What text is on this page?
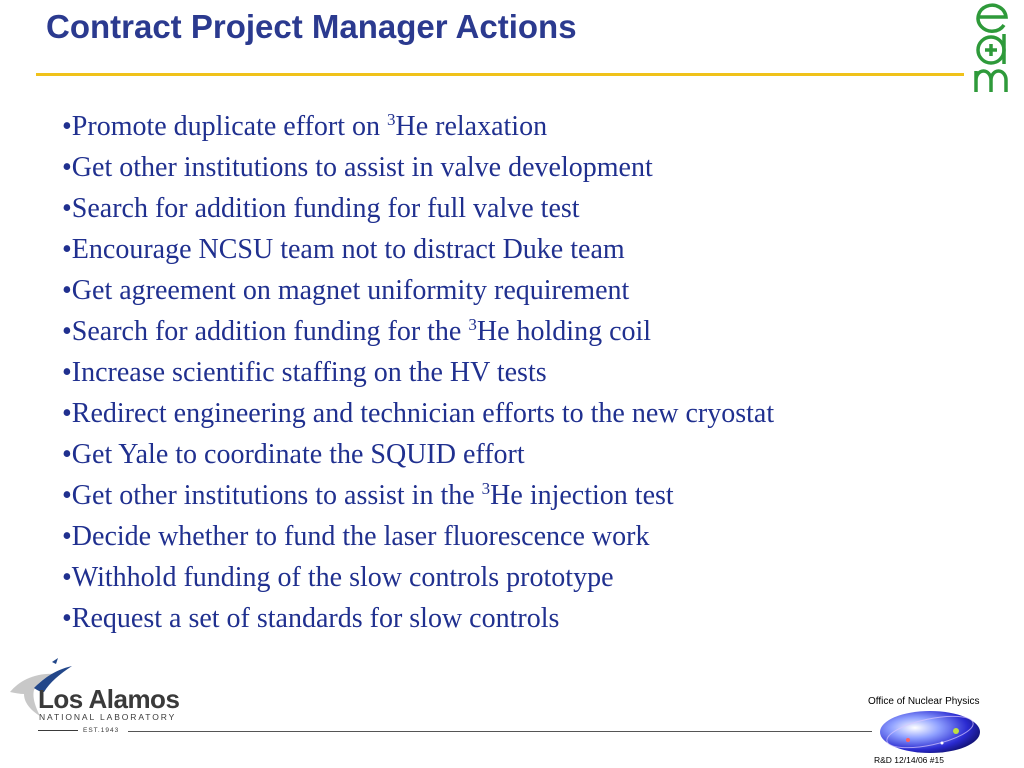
Contract Project Manager Actions
•Promote duplicate effort on $^3$He relaxation
•Get other institutions to assist in valve development
•Search for addition funding for full valve test
•Encourage NCSU team not to distract Duke team
•Get agreement on magnet uniformity requirement
•Search for addition funding for the $^3$He holding coil
•Increase scientific staffing on the HV tests
•Redirect engineering and technician efforts to the new cryostat
•Get Yale to coordinate the SQUID effort
•Get other institutions to assist in the $^3$He injection test
•Decide whether to fund the laser fluorescence work
•Withhold funding of the slow controls prototype
•Request a set of standards for slow controls
Los Alamos
NATIONAL LABORATORY
EST.1943
Office of Nuclear Physics
R&D 12/14/06 #15
